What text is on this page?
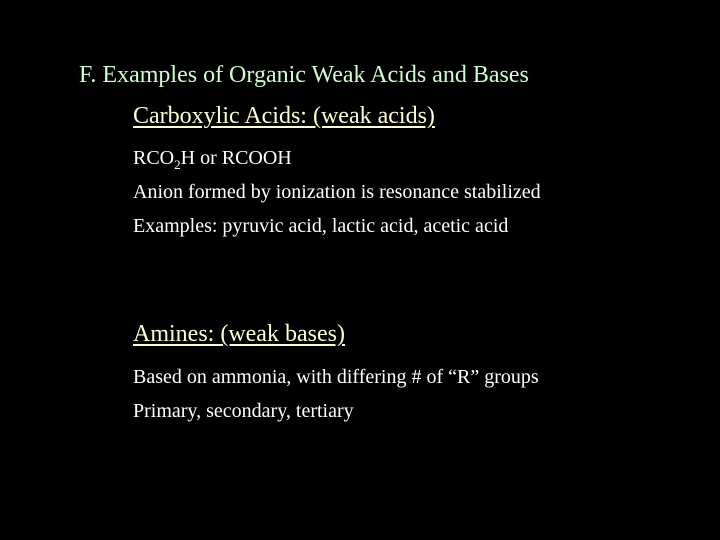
F. Examples of Organic Weak Acids and Bases
Carboxylic Acids: (weak acids)
$RCO_2H$ or RCOOH
Anion formed by ionization is resonance stabilized
Examples: pyruvic acid, lactic acid, acetic acid
Amines: (weak bases)
Based on ammonia, with differing # of “R” groups
Primary, secondary, tertiary
